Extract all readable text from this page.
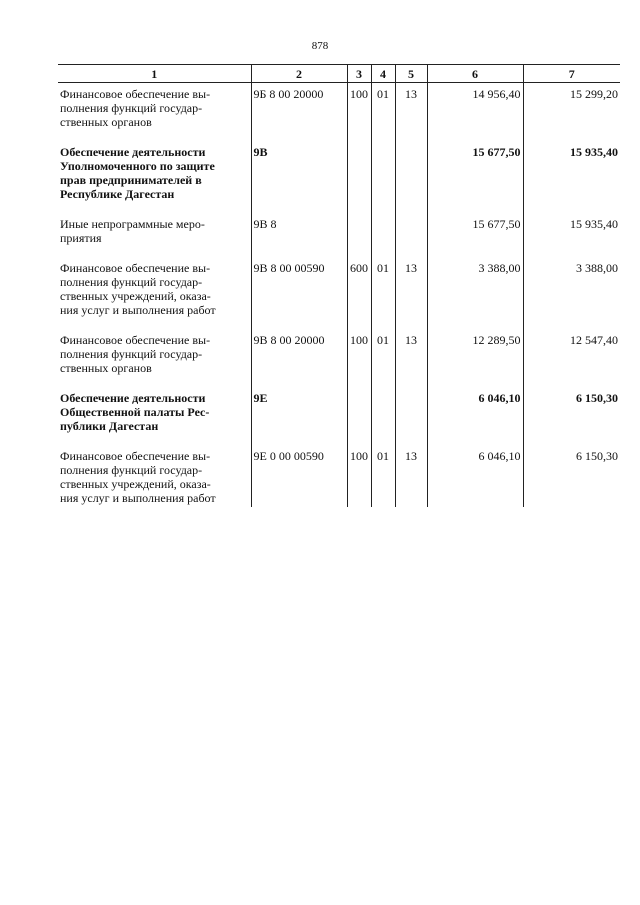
878
1	2	3	4	5	6	7
Финансовое обеспечение вы-
полнения функций государ-
ственных органов	9Б 8 00 20000	100	01	13	14 956,40	15 299,20

Обеспечение деятельности
Уполномоченного по защите
прав предпринимателей в
Республике Дагестан	9В				15 677,50	15 935,40

Иные непрограммные меро-
приятия	9В 8				15 677,50	15 935,40

Финансовое обеспечение вы-
полнения функций государ-
ственных учреждений, оказа-
ния услуг и выполнения работ	9В 8 00 00590	600	01	13	3 388,00	3 388,00

Финансовое обеспечение вы-
полнения функций государ-
ственных органов	9В 8 00 20000	100	01	13	12 289,50	12 547,40

Обеспечение деятельности
Общественной палаты Рес-
публики Дагестан	9Е				6 046,10	6 150,30

Финансовое обеспечение вы-
полнения функций государ-
ственных учреждений, оказа-
ния услуг и выполнения работ	9Е 0 00 00590	100	01	13	6 046,10	6 150,30
